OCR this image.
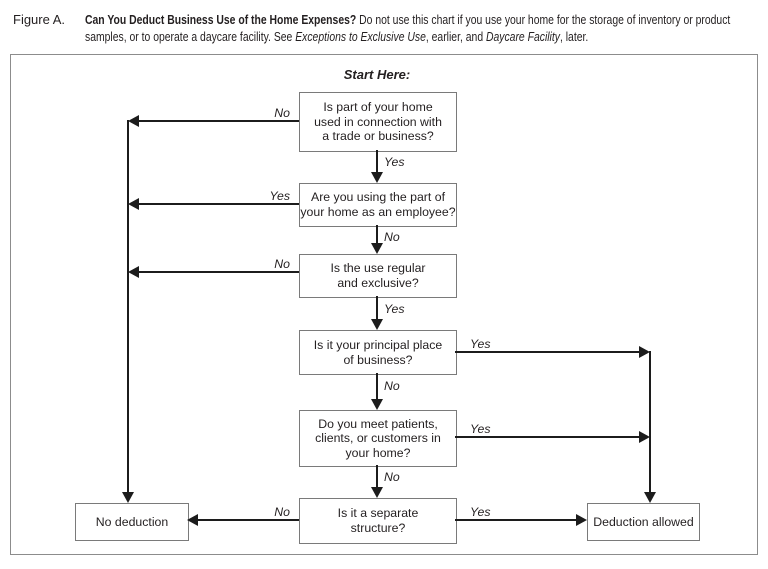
Figure A. Can You Deduct Business Use of the Home Expenses? Do not use this chart if you use your home for the storage of inventory or product samples, or to operate a daycare facility. See Exceptions to Exclusive Use, earlier, and Daycare Facility, later.
Start Here:
Is part of your home
used in connection with
a trade or business?
Are you using the part of
your home as an employee?
Is the use regular
and exclusive?
Is it your principal place
of business?
Do you meet patients,
clients, or customers in
your home?
Is it a separate
structure?
No deduction	Deduction allowed
Yes
No
Yes
No
No
No
Yes
No
Yes
Yes
No	Yes
